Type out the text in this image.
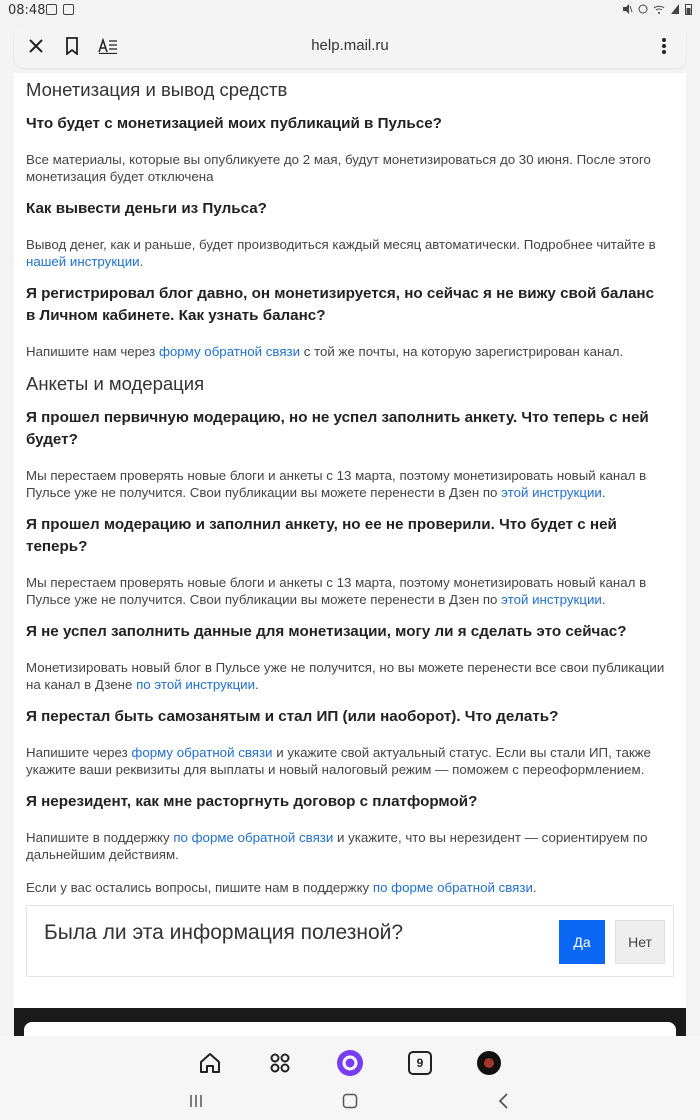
08:48
help.mail.ru
Монетизация и вывод средств

Что будет с монетизацией моих публикаций в Пульсе?

Все материалы, которые вы опубликуете до 2 мая, будут монетизироваться до 30 июня. После этого монетизация будет отключена

Как вывести деньги из Пульса?

Вывод денег, как и раньше, будет производиться каждый месяц автоматически. Подробнее читайте в нашей инструкции.

Я регистрировал блог давно, он монетизируется, но сейчас я не вижу свой баланс в Личном кабинете. Как узнать баланс?

Напишите нам через форму обратной связи с той же почты, на которую зарегистрирован канал.

Анкеты и модерация

Я прошел первичную модерацию, но не успел заполнить анкету. Что теперь с ней будет?

Мы перестаем проверять новые блоги и анкеты с 13 марта, поэтому монетизировать новый канал в Пульсе уже не получится. Свои публикации вы можете перенести в Дзен по этой инструкции.

Я прошел модерацию и заполнил анкету, но ее не проверили. Что будет с ней теперь?

Мы перестаем проверять новые блоги и анкеты с 13 марта, поэтому монетизировать новый канал в Пульсе уже не получится. Свои публикации вы можете перенести в Дзен по этой инструкции.

Я не успел заполнить данные для монетизации, могу ли я сделать это сейчас?

Монетизировать новый блог в Пульсе уже не получится, но вы можете перенести все свои публикации на канал в Дзене по этой инструкции.

Я перестал быть самозанятым и стал ИП (или наоборот). Что делать?

Напишите через форму обратной связи и укажите свой актуальный статус. Если вы стали ИП, также укажите ваши реквизиты для выплаты и новый налоговый режим — поможем с переоформлением.

Я нерезидент, как мне расторгнуть договор с платформой?

Напишите в поддержку по форме обратной связи и укажите, что вы нерезидент — сориентируем по дальнейшим действиям.

Если у вас остались вопросы, пишите нам в поддержку по форме обратной связи.

Была ли эта информация полезной?	Да	Нет
9
